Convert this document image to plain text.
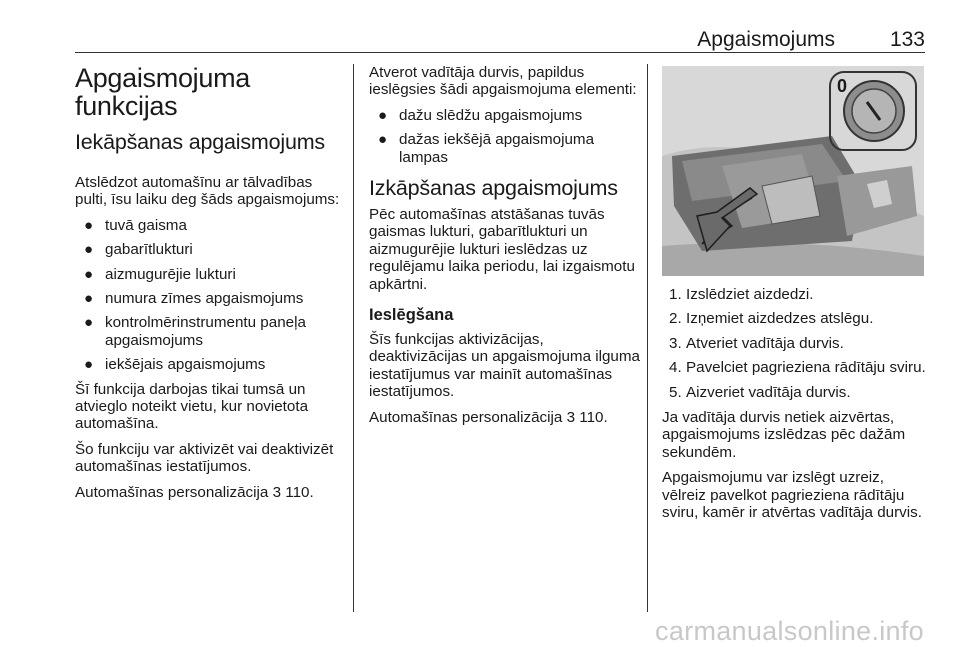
Apgaismojums	133
Apgaismojuma
funkcijas
Iekāpšanas apgaismojums

Atslēdzot automašīnu ar tālvadības pulti, īsu laiku deg šāds apgaismojums:

● tuvā gaisma
● gabarītlukturi
● aizmugurējie lukturi
● numura zīmes apgaismojums
● kontrolmērinstrumentu paneļa apgaismojums
● iekšējais apgaismojums

Šī funkcija darbojas tikai tumsā un atvieglo noteikt vietu, kur novietota automašīna.

Šo funkciju var aktivizēt vai deaktivizēt automašīnas iestatījumos.

Automašīnas personalizācija 3 110.

Atverot vadītāja durvis, papildus ieslēgsies šādi apgaismojuma elementi:

● dažu slēdžu apgaismojums
● dažas iekšējā apgaismojuma lampas
Izkāpšanas apgaismojums

Pēc automašīnas atstāšanas tuvās gaismas lukturi, gabarītlukturi un aizmugurējie lukturi ieslēdzas uz regulējamu laika periodu, lai izgaismotu apkārtni.

Ieslēgšana

Šīs funkcijas aktivizācijas, deaktivizācijas un apgaismojuma ilguma iestatījumus var mainīt automašīnas iestatījumos.

Automašīnas personalizācija 3 110.

0
1. Izslēdziet aizdedzi.
2. Izņemiet aizdedzes atslēgu.
3. Atveriet vadītāja durvis.
4. Pavelciet pagrieziena rādītāju sviru.
5. Aizveriet vadītāja durvis.

Ja vadītāja durvis netiek aizvērtas, apgaismojums izslēdzas pēc dažām sekundēm.

Apgaismojumu var izslēgt uzreiz, vēlreiz pavelkot pagrieziena rādītāju sviru, kamēr ir atvērtas vadītāja durvis.

carmanualsonline.info
